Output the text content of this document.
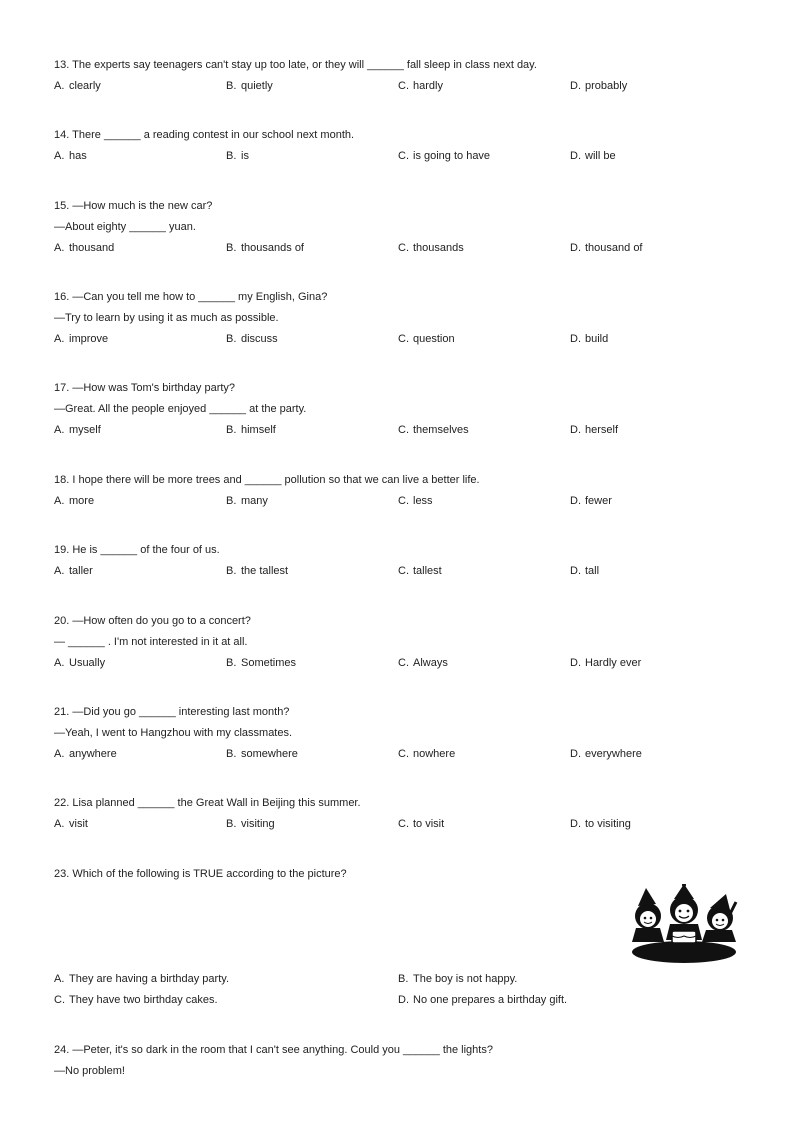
13. The experts say teenagers can't stay up too late, or they will ______ fall sleep in class next day.
A. clearly	B. quietly	C. hardly	D. probably
14. There ______ a reading contest in our school next month.
A. has	B. is	C. is going to have	D. will be
15. —How much is the new car?
—About eighty ______ yuan.
A. thousand	B. thousands of	C. thousands	D. thousand of
16. —Can you tell me how to ______ my English, Gina?
—Try to learn by using it as much as possible.
A. improve	B. discuss	C. question	D. build
17. —How was Tom's birthday party?
—Great. All the people enjoyed ______ at the party.
A. myself	B. himself	C. themselves	D. herself
18. I hope there will be more trees and ______ pollution so that we can live a better life.
A. more	B. many	C. less	D. fewer
19. He is ______ of the four of us.
A. taller	B. the tallest	C. tallest	D. tall
20. —How often do you go to a concert?
— ______ . I'm not interested in it at all.
A. Usually	B. Sometimes	C. Always	D. Hardly ever
21. —Did you go ______ interesting last month?
—Yeah, I went to Hangzhou with my classmates.
A. anywhere	B. somewhere	C. nowhere	D. everywhere
22. Lisa planned ______ the Great Wall in Beijing this summer.
A. visit	B. visiting	C. to visit	D. to visiting
23. Which of the following is TRUE according to the picture?
A. They are having a birthday party.	B. The boy is not happy.
C. They have two birthday cakes.	D. No one prepares a birthday gift.
24. —Peter, it's so dark in the room that I can't see anything. Could you ______ the lights?
—No problem!
